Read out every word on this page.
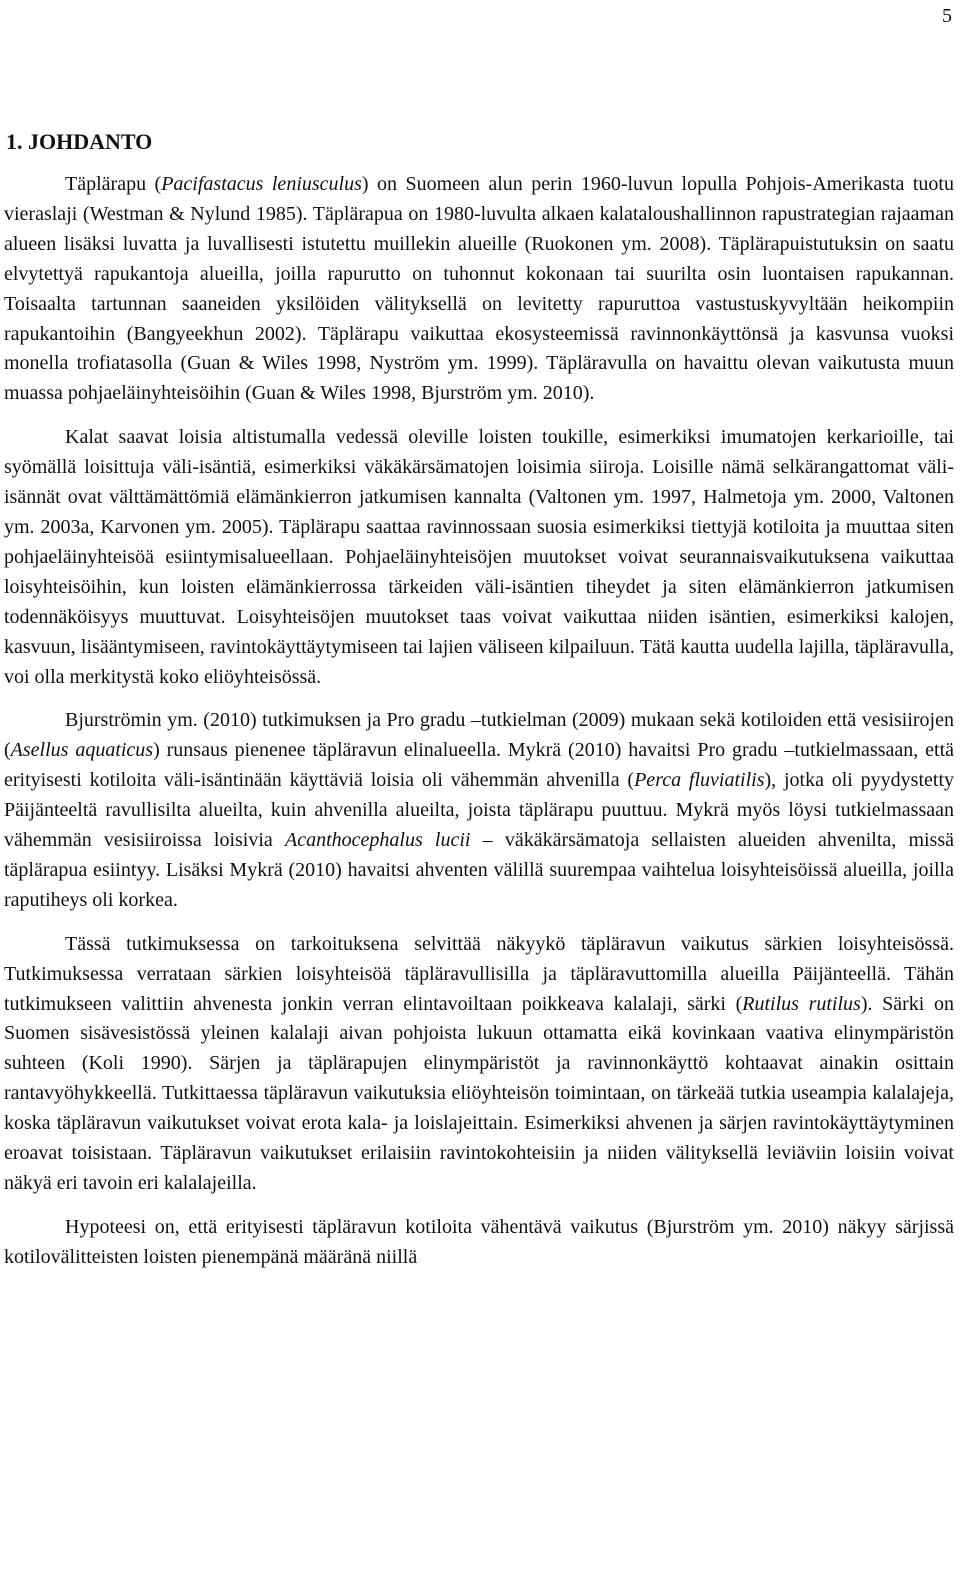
5
1. JOHDANTO

Täplärapu (Pacifastacus leniusculus) on Suomeen alun perin 1960-luvun lopulla Pohjois-Amerikasta tuotu vieraslaji (Westman & Nylund 1985). Täplärapua on 1980-luvulta alkaen kalataloushallinnon rapustrategian rajaaman alueen lisäksi luvatta ja luvallisesti istutettu muillekin alueille (Ruokonen ym. 2008). Täplärapuistutuksin on saatu elvytettyä rapukantoja alueilla, joilla rapurutto on tuhonnut kokonaan tai suurilta osin luontaisen rapukannan. Toisaalta tartunnan saaneiden yksilöiden välityksellä on levitetty rapuruttoa vastustuskyvyltään heikompiin rapukantoihin (Bangyeekhun 2002). Täplärapu vaikuttaa ekosysteemissä ravinnonkäyttönsä ja kasvunsa vuoksi monella trofiatasolla (Guan & Wiles 1998, Nyström ym. 1999). Täpläravulla on havaittu olevan vaikutusta muun muassa pohjaeläinyhteisöihin (Guan & Wiles 1998, Bjurström ym. 2010).

Kalat saavat loisia altistumalla vedessä oleville loisten toukille, esimerkiksi imumatojen kerkarioille, tai syömällä loisittuja väli-isäntiä, esimerkiksi väkäkärsämatojen loisimia siiroja. Loisille nämä selkärangattomat väli-isännät ovat välttämättömiä elämänkierron jatkumisen kannalta (Valtonen ym. 1997, Halmetoja ym. 2000, Valtonen ym. 2003a, Karvonen ym. 2005). Täplärapu saattaa ravinnossaan suosia esimerkiksi tiettyjä kotiloita ja muuttaa siten pohjaeläinyhteisöä esiintymisalueellaan. Pohjaeläinyhteisöjen muutokset voivat seurannaisvaikutuksena vaikuttaa loisyhteisöihin, kun loisten elämänkierrossa tärkeiden väli-isäntien tiheydet ja siten elämänkierron jatkumisen todennäköisyys muuttuvat. Loisyhteisöjen muutokset taas voivat vaikuttaa niiden isäntien, esimerkiksi kalojen, kasvuun, lisääntymiseen, ravintokäyttäytymiseen tai lajien väliseen kilpailuun. Tätä kautta uudella lajilla, täpläravulla, voi olla merkitystä koko eliöyhteisössä.

Bjurströmin ym. (2010) tutkimuksen ja Pro gradu –tutkielman (2009) mukaan sekä kotiloiden että vesisiirojen (Asellus aquaticus) runsaus pienenee täpläravun elinalueella. Mykrä (2010) havaitsi Pro gradu –tutkielmassaan, että erityisesti kotiloita väli-isäntinään käyttäviä loisia oli vähemmän ahvenilla (Perca fluviatilis), jotka oli pyydystetty Päijänteeltä ravullisilta alueilta, kuin ahvenilla alueilta, joista täplärapu puuttuu. Mykrä myös löysi tutkielmassaan vähemmän vesisiiroissa loisivia Acanthocephalus lucii – väkäkärsämatoja sellaisten alueiden ahvenilta, missä täplärapua esiintyy. Lisäksi Mykrä (2010) havaitsi ahventen välillä suurempaa vaihtelua loisyhteisöissä alueilla, joilla raputiheys oli korkea.

Tässä tutkimuksessa on tarkoituksena selvittää näkyykö täpläravun vaikutus särkien loisyhteisössä. Tutkimuksessa verrataan särkien loisyhteisöä täpläravullisilla ja täpläravuttomilla alueilla Päijänteellä. Tähän tutkimukseen valittiin ahvenesta jonkin verran elintavoiltaan poikkeava kalalaji, särki (Rutilus rutilus). Särki on Suomen sisävesistössä yleinen kalalaji aivan pohjoista lukuun ottamatta eikä kovinkaan vaativa elinympäristön suhteen (Koli 1990). Särjen ja täplärapujen elinympäristöt ja ravinnonkäyttö kohtaavat ainakin osittain rantavyöhykkeellä. Tutkittaessa täpläravun vaikutuksia eliöyhteisön toimintaan, on tärkeää tutkia useampia kalalajeja, koska täpläravun vaikutukset voivat erota kala- ja loislajeittain. Esimerkiksi ahvenen ja särjen ravintokäyttäytyminen eroavat toisistaan. Täpläravun vaikutukset erilaisiin ravintokohteisiin ja niiden välityksellä leviäviin loisiin voivat näkyä eri tavoin eri kalalajeilla.

Hypoteesi on, että erityisesti täpläravun kotiloita vähentävä vaikutus (Bjurström ym. 2010) näkyy särjissä kotilovälitteisten loisten pienempänä määränä niillä
